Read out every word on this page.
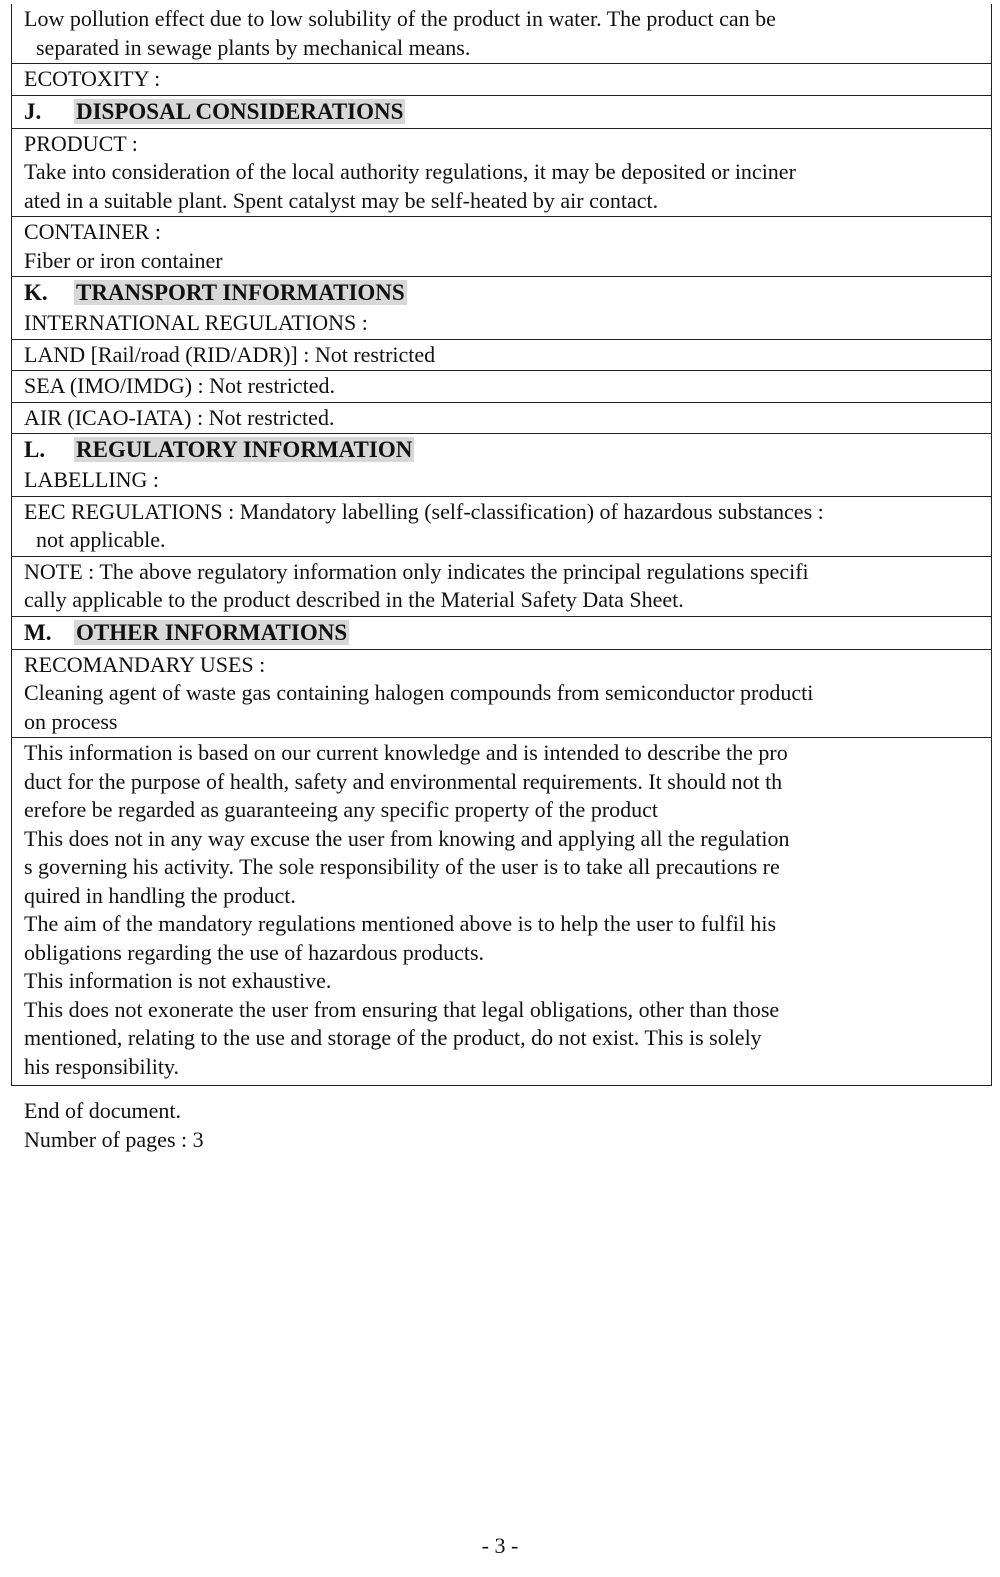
Low pollution effect due to low solubility of the product in water. The product can be

separated in sewage plants by mechanical means.

ECOTOXITY :

J. DISPOSAL CONSIDERATIONS

PRODUCT :

Take into consideration of the local authority regulations, it may be deposited or inciner

ated in a suitable plant. Spent catalyst may be self-heated by air contact.

CONTAINER :

Fiber or iron container

K. TRANSPORT INFORMATIONS

INTERNATIONAL REGULATIONS :

LAND [Rail/road (RID/ADR)] : Not restricted

SEA (IMO/IMDG) : Not restricted.

AIR (ICAO-IATA) : Not restricted.

L. REGULATORY INFORMATION

LABELLING :

EEC REGULATIONS : Mandatory labelling (self-classification) of hazardous substances :

not applicable.

NOTE : The above regulatory information only indicates the principal regulations specifi

cally applicable to the product described in the Material Safety Data Sheet.

M. OTHER INFORMATIONS

RECOMANDARY USES :

Cleaning agent of waste gas containing halogen compounds from semiconductor producti

on process

This information is based on our current knowledge and is intended to describe the pro

duct for the purpose of health, safety and environmental requirements. It should not th

erefore be regarded as guaranteeing any specific property of the product

This does not in any way excuse the user from knowing and applying all the regulation

s governing his activity. The sole responsibility of the user is to take all precautions re

quired in handling the product.

The aim of the mandatory regulations mentioned above is to help the user to fulfil his

obligations regarding the use of hazardous products.

This information is not exhaustive.

This does not exonerate the user from ensuring that legal obligations, other than those

mentioned, relating to the use and storage of the product, do not exist. This is solely

his responsibility.

End of document.
Number of pages : 3
- 3 -
